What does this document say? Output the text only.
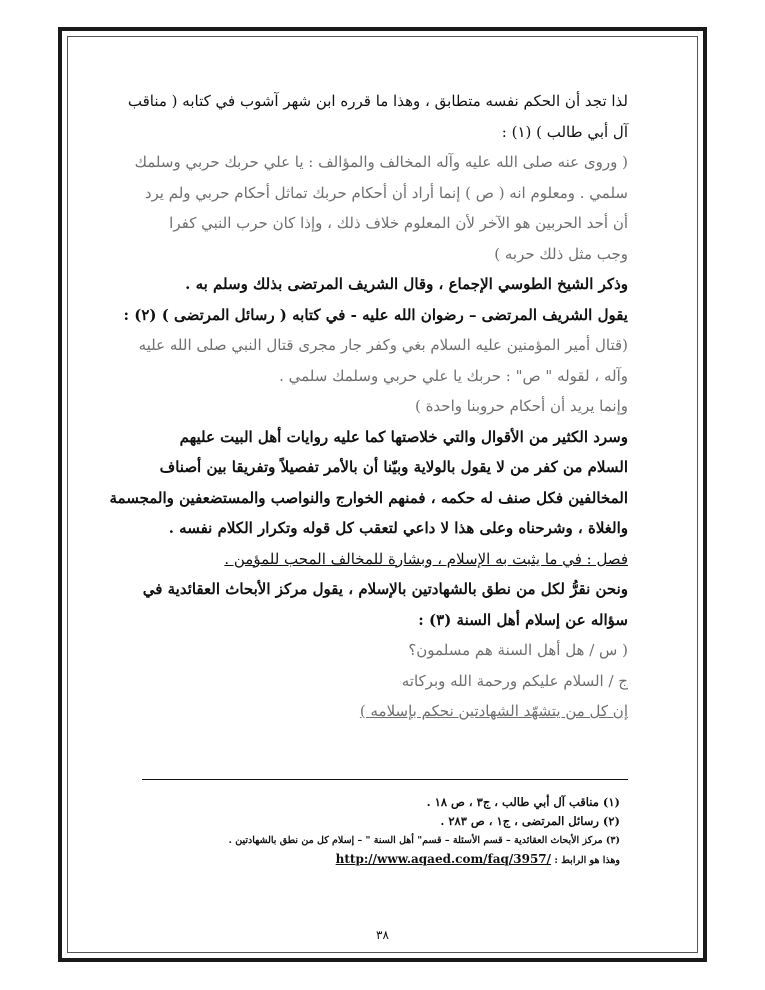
لذا تجد أن الحكم نفسه متطابق ، وهذا ما قرره ابن شهر آشوب في كتابه ( مناقب
آل أبي طالب ) (١) :
( وروى عنه صلى الله عليه وآله المخالف والمؤالف : يا علي حربك حربي وسلمك
سلمي . ومعلوم انه ( ص ) إنما أراد أن أحكام حربك تماثل أحكام حربي ولم يرد
أن أحد الحربين هو الآخر لأن المعلوم خلاف ذلك ، وإذا كان حرب النبي كفرا
وجب مثل ذلك حربه )
وذكر الشيخ الطوسي الإجماع ، وقال الشريف المرتضى بذلك وسلم به .
يقول الشريف المرتضى – رضوان الله عليه - في كتابه ( رسائل المرتضى ) (٢) :
(قتال أمير المؤمنين عليه السلام بغي وكفر جار مجرى قتال النبي صلى الله عليه
وآله ، لقوله " ص" : حربك يا علي حربي وسلمك سلمي .
وإنما يريد أن أحكام حروبنا واحدة )
وسرد الكثير من الأقوال والتي خلاصتها كما عليه روايات أهل البيت عليهم
السلام من كفر من لا يقول بالولاية وبيّنا أن بالأمر تفصيلاً وتفريقا بين أصناف
المخالفين فكل صنف له حكمه ، فمنهم الخوارج والنواصب والمستضعفين والمجسمة
والغلاة ، وشرحناه وعلى هذا لا داعي لتعقب كل قوله وتكرار الكلام نفسه .
فصل : في ما يثبت به الإسلام ، وبشارة للمخالف المحب للمؤمن .
ونحن نقرُّ لكل من نطق بالشهادتين بالإسلام ، يقول مركز الأبحاث العقائدية في
سؤاله عن إسلام أهل السنة (٣) :
( س / هل أهل السنة هم مسلمون؟
ج / السلام عليكم ورحمة الله وبركاته
إن كل من يتشهّد الشهادتين نحكم بإسلامه )
(١) مناقب آل أبي طالب ، ج٣ ، ص ١٨ .
(٢) رسائل المرتضى ، ج١ ، ص ٢٨٣ .
(٣) مركز الأبحاث العقائدية – قسم الأسئلة – قسم" أهل السنة " – إسلام كل من نطق بالشهادتين .
وهذا هو الرابط : http://www.aqaed.com/faq/3957/
٣٨
